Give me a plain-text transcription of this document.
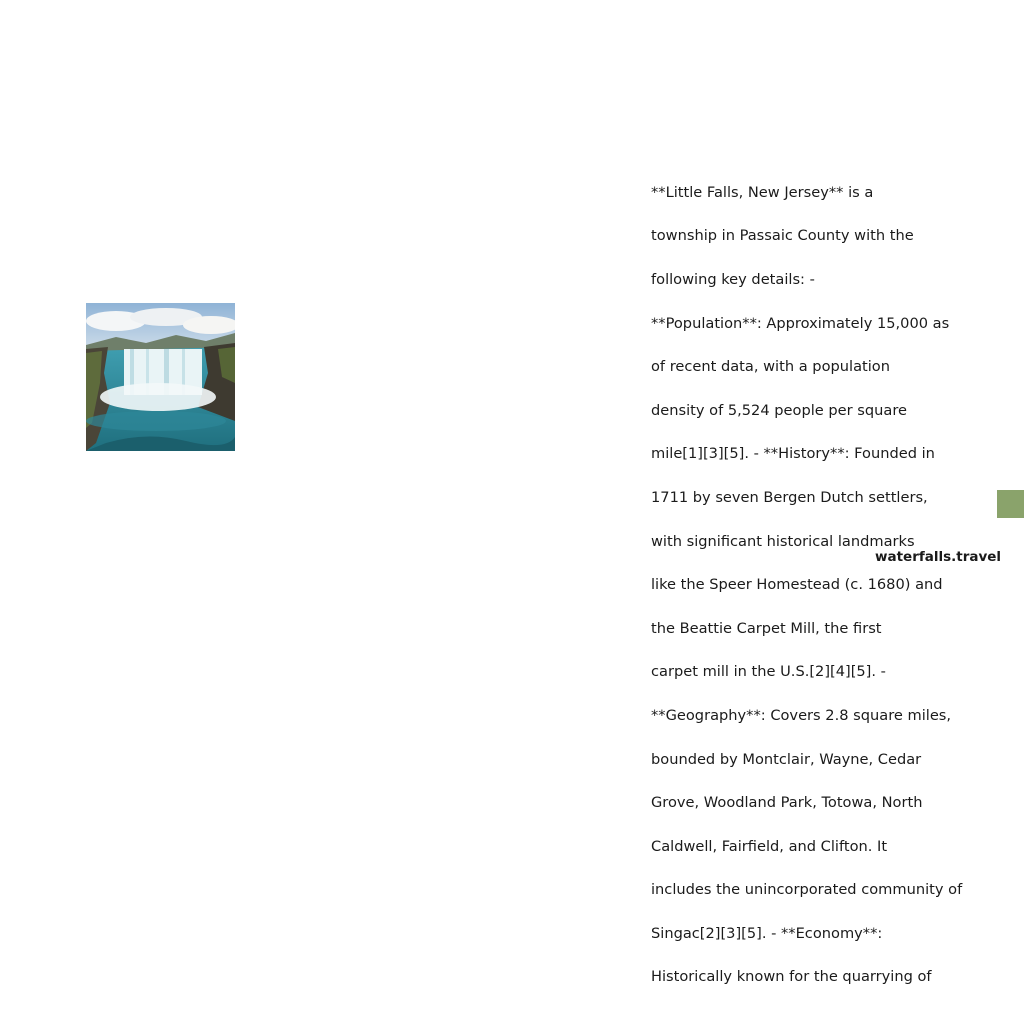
**Little Falls, New Jersey** is a

township in Passaic County with the

following key details: -

**Population**: Approximately 15,000 as

of recent data, with a population

density of 5,524 people per square

mile[1][3][5]. - **History**: Founded in

1711 by seven Bergen Dutch settlers,

with significant historical landmarks

like the Speer Homestead (c. 1680) and

the Beattie Carpet Mill, the first

carpet mill in the U.S.[2][4][5]. -

**Geography**: Covers 2.8 square miles,

bounded by Montclair, Wayne, Cedar

Grove, Woodland Park, Totowa, North

Caldwell, Fairfield, and Clifton. It

includes the unincorporated community of

Singac[2][3][5]. - **Economy**:

Historically known for the quarrying of

waterfalls.travel
